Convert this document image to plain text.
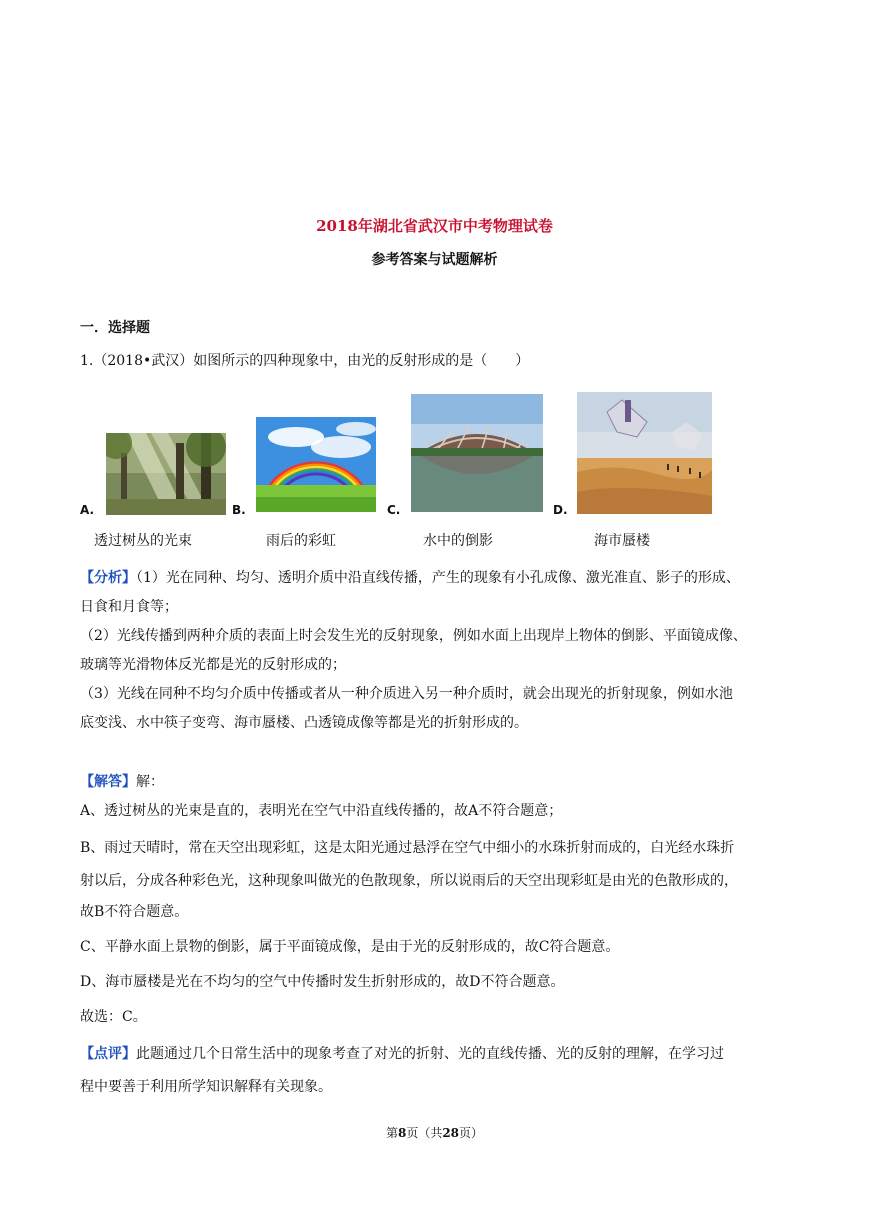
2018年湖北省武汉市中考物理试卷
参考答案与试题解析
一．选择题
1.（2018•武汉）如图所示的四种现象中，由光的反射形成的是（　　）
A.
透过树丛的光束
B.
雨后的彩虹
C.
水中的倒影
D.
海市蜃楼

【分析】（1）光在同种、均匀、透明介质中沿直线传播，产生的现象有小孔成像、激光准直、影子的形成、

日食和月食等；

（2）光线传播到两种介质的表面上时会发生光的反射现象，例如水面上出现岸上物体的倒影、平面镜成像、

玻璃等光滑物体反光都是光的反射形成的；

（3）光线在同种不均匀介质中传播或者从一种介质进入另一种介质时，就会出现光的折射现象，例如水池

底变浅、水中筷子变弯、海市蜃楼、凸透镜成像等都是光的折射形成的。

【解答】解：

A、透过树丛的光束是直的，表明光在空气中沿直线传播的，故A不符合题意；

B、雨过天晴时，常在天空出现彩虹，这是太阳光通过悬浮在空气中细小的水珠折射而成的，白光经水珠折

射以后，分成各种彩色光，这种现象叫做光的色散现象，所以说雨后的天空出现彩虹是由光的色散形成的，

故B不符合题意。

C、平静水面上景物的倒影，属于平面镜成像，是由于光的反射形成的，故C符合题意。

D、海市蜃楼是光在不均匀的空气中传播时发生折射形成的，故D不符合题意。

故选：C。

【点评】此题通过几个日常生活中的现象考查了对光的折射、光的直线传播、光的反射的理解，在学习过

程中要善于利用所学知识解释有关现象。

第8页（共28页）
